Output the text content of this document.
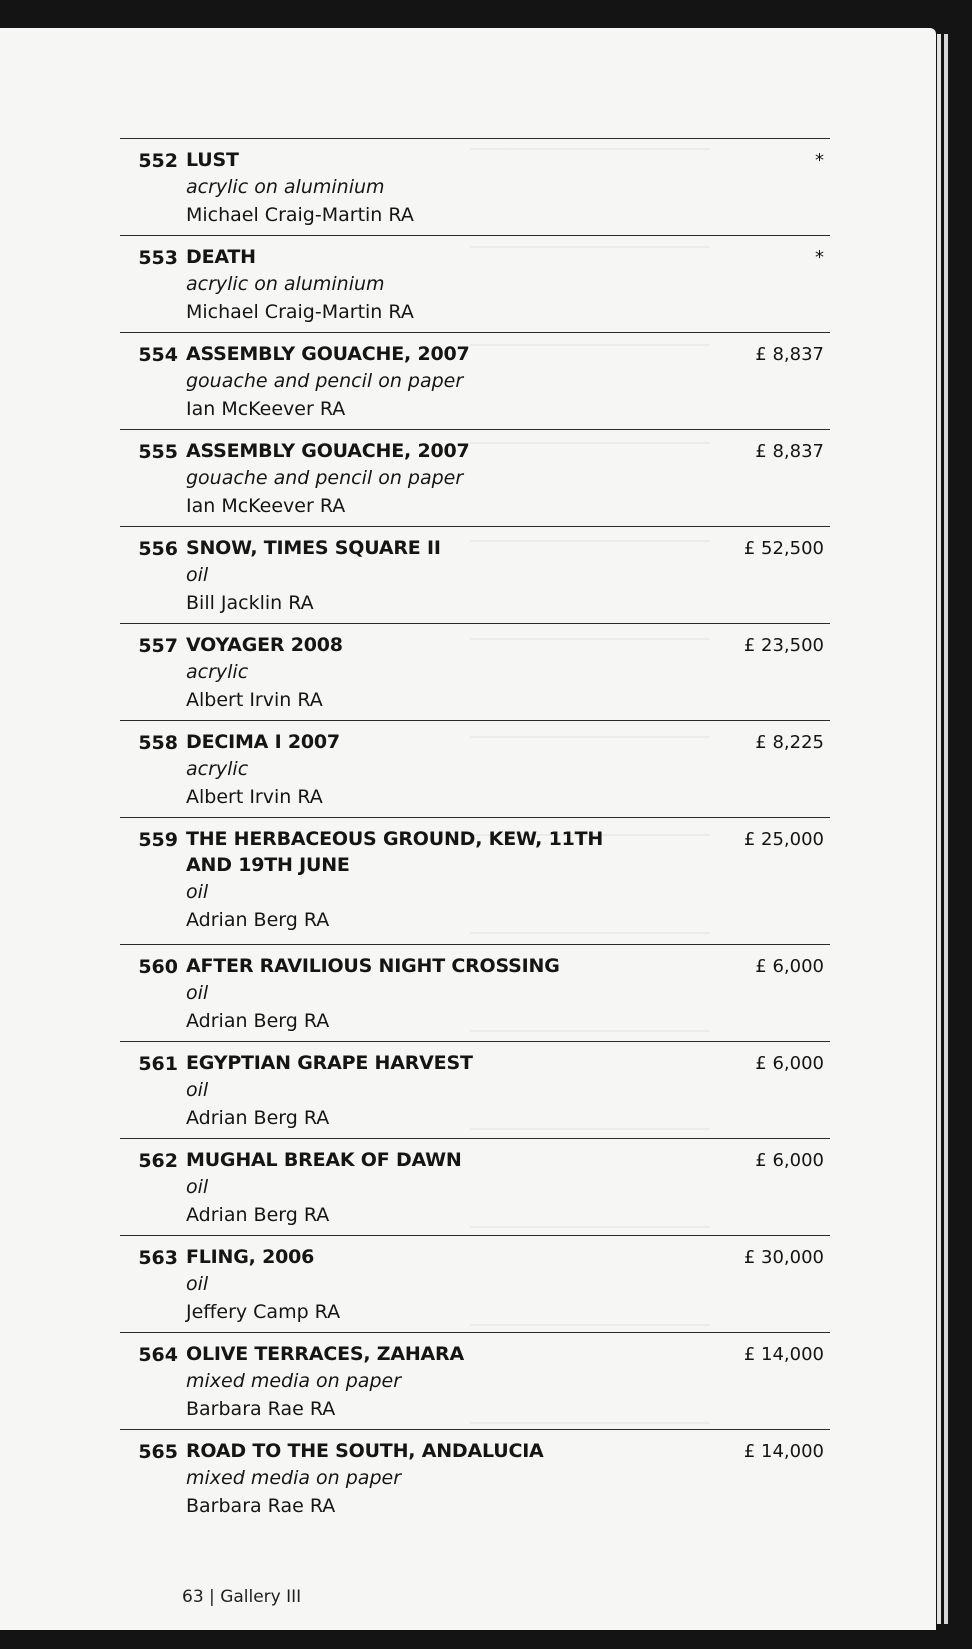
552 LUST
acrylic on aluminium
Michael Craig-Martin RA
*
553 DEATH
acrylic on aluminium
Michael Craig-Martin RA
*
554 ASSEMBLY GOUACHE, 2007
gouache and pencil on paper
Ian McKeever RA
£ 8,837
555 ASSEMBLY GOUACHE, 2007
gouache and pencil on paper
Ian McKeever RA
£ 8,837
556 SNOW, TIMES SQUARE II
oil
Bill Jacklin RA
£ 52,500
557 VOYAGER 2008
acrylic
Albert Irvin RA
£ 23,500
558 DECIMA I 2007
acrylic
Albert Irvin RA
£ 8,225
559 THE HERBACEOUS GROUND, KEW, 11TH AND 19TH JUNE
oil
Adrian Berg RA
£ 25,000
560 AFTER RAVILIOUS NIGHT CROSSING
oil
Adrian Berg RA
£ 6,000
561 EGYPTIAN GRAPE HARVEST
oil
Adrian Berg RA
£ 6,000
562 MUGHAL BREAK OF DAWN
oil
Adrian Berg RA
£ 6,000
563 FLING, 2006
oil
Jeffery Camp RA
£ 30,000
564 OLIVE TERRACES, ZAHARA
mixed media on paper
Barbara Rae RA
£ 14,000
565 ROAD TO THE SOUTH, ANDALUCIA
mixed media on paper
Barbara Rae RA
£ 14,000
63 | Gallery III
